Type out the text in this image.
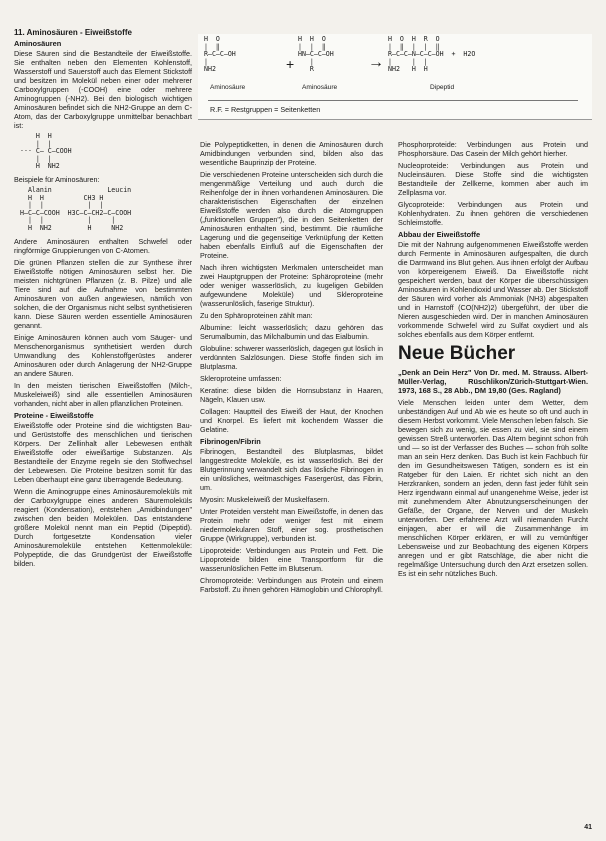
H  O
|  ‖
R—C—C—OH
|
NH2	+
H  H  O
|  |  ‖
HN—C—C—OH
|
R	→
H  O  H  R  O
|  ‖  |  |  ‖
R—C—C—N—C—C—OH  +  H2O
|     |  |
NH2   H  H
Aminosäure	Aminosäure	Dipeptid
R.F. = Restgruppen = Seitenketten
11. Aminosäuren - Eiweißstoffe
Aminosäuren

Diese Säuren sind die Bestandteile der Eiweißstoffe. Sie enthalten neben den Elementen Kohlenstoff, Wasserstoff und Sauerstoff auch das Element Stickstoff und besitzen im Molekül neben einer oder mehrerer Carboxylgruppen (-COOH) eine oder mehrere Aminogruppen (-NH2). Bei den biologisch wichtigen Aminosäuren befindet sich die NH2-Gruppe an dem C-Atom, das der Carboxylgruppe unmittelbar benachbart ist:

H  H
|  |
··· C— C—COOH
|  |
H  NH2

Beispiele für Aminosäuren:

Alanin              Leucin
H  H          CH3 H
|  |           |  |
H—C—C—COOH  H3C—C—CH2—C—COOH
|  |           |     |
H  NH2         H     NH2

Andere Aminosäuren enthalten Schwefel oder ringförmige Gruppierungen von C-Atomen.

Die grünen Pflanzen stellen die zur Synthese ihrer Eiweißstoffe nötigen Aminosäuren selbst her. Die meisten nichtgrünen Pflanzen (z. B. Pilze) und alle Tiere sind auf die Aufnahme von bestimmten Aminosäuren von außen angewiesen, nämlich von solchen, die der Organismus nicht selbst synthetisieren kann. Diese Säuren werden essentielle Aminosäuren genannt.

Einige Aminosäuren können auch vom Säuger- und Menschenorganismus synthetisiert werden durch Umwandlung des Kohlenstoffgerüstes anderer Aminosäuren oder durch Anlagerung der NH2-Gruppe an andere Säuren.

In den meisten tierischen Eiweißstoffen (Milch-, Muskeleiweiß) sind alle essentiellen Aminosäuren vorhanden, nicht aber in allen pflanzlichen Proteinen.

Proteine - Eiweißstoffe

Eiweißstoffe oder Proteine sind die wichtigsten Bau- und Gerüststoffe des menschlichen und tierischen Körpers. Der Zellinhalt aller Lebewesen enthält Eiweißstoffe oder eiweißartige Substanzen. Als Bestandteile der Enzyme regeln sie den Stoffwechsel der Lebewesen. Die Proteine besitzen somit für das Leben überhaupt eine ganz überragende Bedeutung.

Wenn die Aminogruppe eines Aminosäuremoleküls mit der Carboxylgruppe eines anderen Säuremoleküls reagiert (Kondensation), entstehen „Amidbindungen" zwischen den beiden Molekülen. Das entstandene größere Molekül nennt man ein Peptid (Dipeptid). Durch fortgesetzte Kondensation vieler Aminosäuremoleküle entstehen Kettenmoleküle: Polypeptide, die das Grundgerüst der Eiweißstoffe bilden.

Die Polypeptidketten, in denen die Aminosäuren durch Amidbindungen verbunden sind, bilden also das wesentliche Bauprinzip der Proteine.

Die verschiedenen Proteine unterscheiden sich durch die mengenmäßige Verteilung und auch durch die Reihenfolge der in ihnen vorhandenen Aminosäuren. Die charakteristischen Eigenschaften der einzelnen Eiweißstoffe werden also durch die Atomgruppen („funktionellen Gruppen"), die in den Seitenketten der Aminosäuren enthalten sind, bestimmt. Die räumliche Lagerung und die gegenseitige Verknüpfung der Ketten haben ebenfalls Einfluß auf die Eigenschaften der Proteine.

Nach ihren wichtigsten Merkmalen unterscheidet man zwei Hauptgruppen der Proteine: Sphäroproteine (mehr oder weniger wasserlöslich, zu kugeligen Gebilden aufgewundene Moleküle) und Skleroproteine (wasserunlöslich, faserige Struktur).

Zu den Sphäroproteinen zählt man:

Albumine: leicht wasserlöslich; dazu gehören das Serumalbumin, das Milchalbumin und das Eialbumin.

Globuline: schwerer wasserlöslich, dagegen gut löslich in verdünnten Salzlösungen. Diese Stoffe finden sich im Blutplasma.

Skleroproteine umfassen:

Keratine: diese bilden die Hornsubstanz in Haaren, Nägeln, Klauen usw.

Collagen: Hauptteil des Eiweiß der Haut, der Knochen und Knorpel. Es liefert mit kochendem Wasser die Gelatine.

Fibrinogen/Fibrin

Fibrinogen, Bestandteil des Blutplasmas, bildet langgestreckte Moleküle, es ist wasserlöslich. Bei der Blutgerinnung verwandelt sich das lösliche Fibrinogen in ein unlösliches, weitmaschiges Fasergerüst, das Fibrin, um.

Myosin: Muskeleiweiß der Muskelfasern.

Unter Proteiden versteht man Eiweißstoffe, in denen das Protein mehr oder weniger fest mit einem niedermolekularen Stoff, einer sog. prosthetischen Gruppe (Wirkgruppe), verbunden ist.

Lipoproteide: Verbindungen aus Protein und Fett. Die Lipoproteide bilden eine Transportform für die wasserunlöslichen Fette im Blutserum.

Chromoproteide: Verbindungen aus Protein und einem Farbstoff. Zu ihnen gehören Hämoglobin und Chlorophyll.

Phosphorproteide: Verbindungen aus Protein und Phosphorsäure. Das Casein der Milch gehört hierher.

Nucleoproteide: Verbindungen aus Protein und Nucleinsäuren. Diese Stoffe sind die wichtigsten Bestandteile der Zellkerne, kommen aber auch im Zellplasma vor.

Glycoproteide: Verbindungen aus Protein und Kohlenhydraten. Zu ihnen gehören die verschiedenen Schleimstoffe.

Abbau der Eiweißstoffe

Die mit der Nahrung aufgenommenen Eiweißstoffe werden durch Fermente in Aminosäuren aufgespalten, die durch die Darmwand ins Blut gehen. Aus ihnen erfolgt der Aufbau von körpereigenem Eiweiß. Da Eiweißstoffe nicht gespeichert werden, baut der Körper die überschüssigen Aminosäuren in Kohlendioxid und Wasser ab. Der Stickstoff der Säuren wird vorher als Ammoniak (NH3) abgespalten und in Harnstoff (CO(NH2)2) übergeführt, der über die Nieren ausgeschieden wird. Der in manchen Aminosäuren vorkommende Schwefel wird zu Sulfat oxydiert und als solches ebenfalls aus dem Körper entfernt.

Neue Bücher

„Denk an Dein Herz" Von Dr. med. M. Strauss. Albert-Müller-Verlag, Rüschlikon/Zürich-Stuttgart-Wien. 1973, 168 S., 28 Abb., DM 19,80 (Ges. Ragland)

Viele Menschen leiden unter dem Wetter, dem unbeständigen Auf und Ab wie es heute so oft und auch in diesem Herbst vorkommt. Viele Menschen leben falsch. Sie bewegen sich zu wenig, sie essen zu viel, sie sind einem gewissen Streß unterworfen. Das Altern beginnt schon früh und — so ist der Verfasser des Buches — schon früh sollte man an sein Herz denken. Das Buch ist kein Fachbuch für den im Gesundheitswesen Tätigen, sondern es ist ein Ratgeber für den Laien. Er richtet sich nicht an den Herzkranken, sondern an jeden, denn fast jeder fühlt sein Herz irgendwann einmal auf unangenehme Weise, jeder ist mit zunehmendem Alter Abnutzungserscheinungen der Gefäße, der Organe, der Nerven und der Muskeln unterworfen. Der erfahrene Arzt will niemanden Furcht einjagen, aber er will die Zusammenhänge im menschlichen Körper erklären, er will zu vernünftiger Lebensweise und zur Beobachtung des eigenen Körpers anregen und er gibt Ratschläge, die aber nicht die regelmäßige Untersuchung durch den Arzt ersetzen sollen. Es ist ein sehr nützliches Buch.

41
